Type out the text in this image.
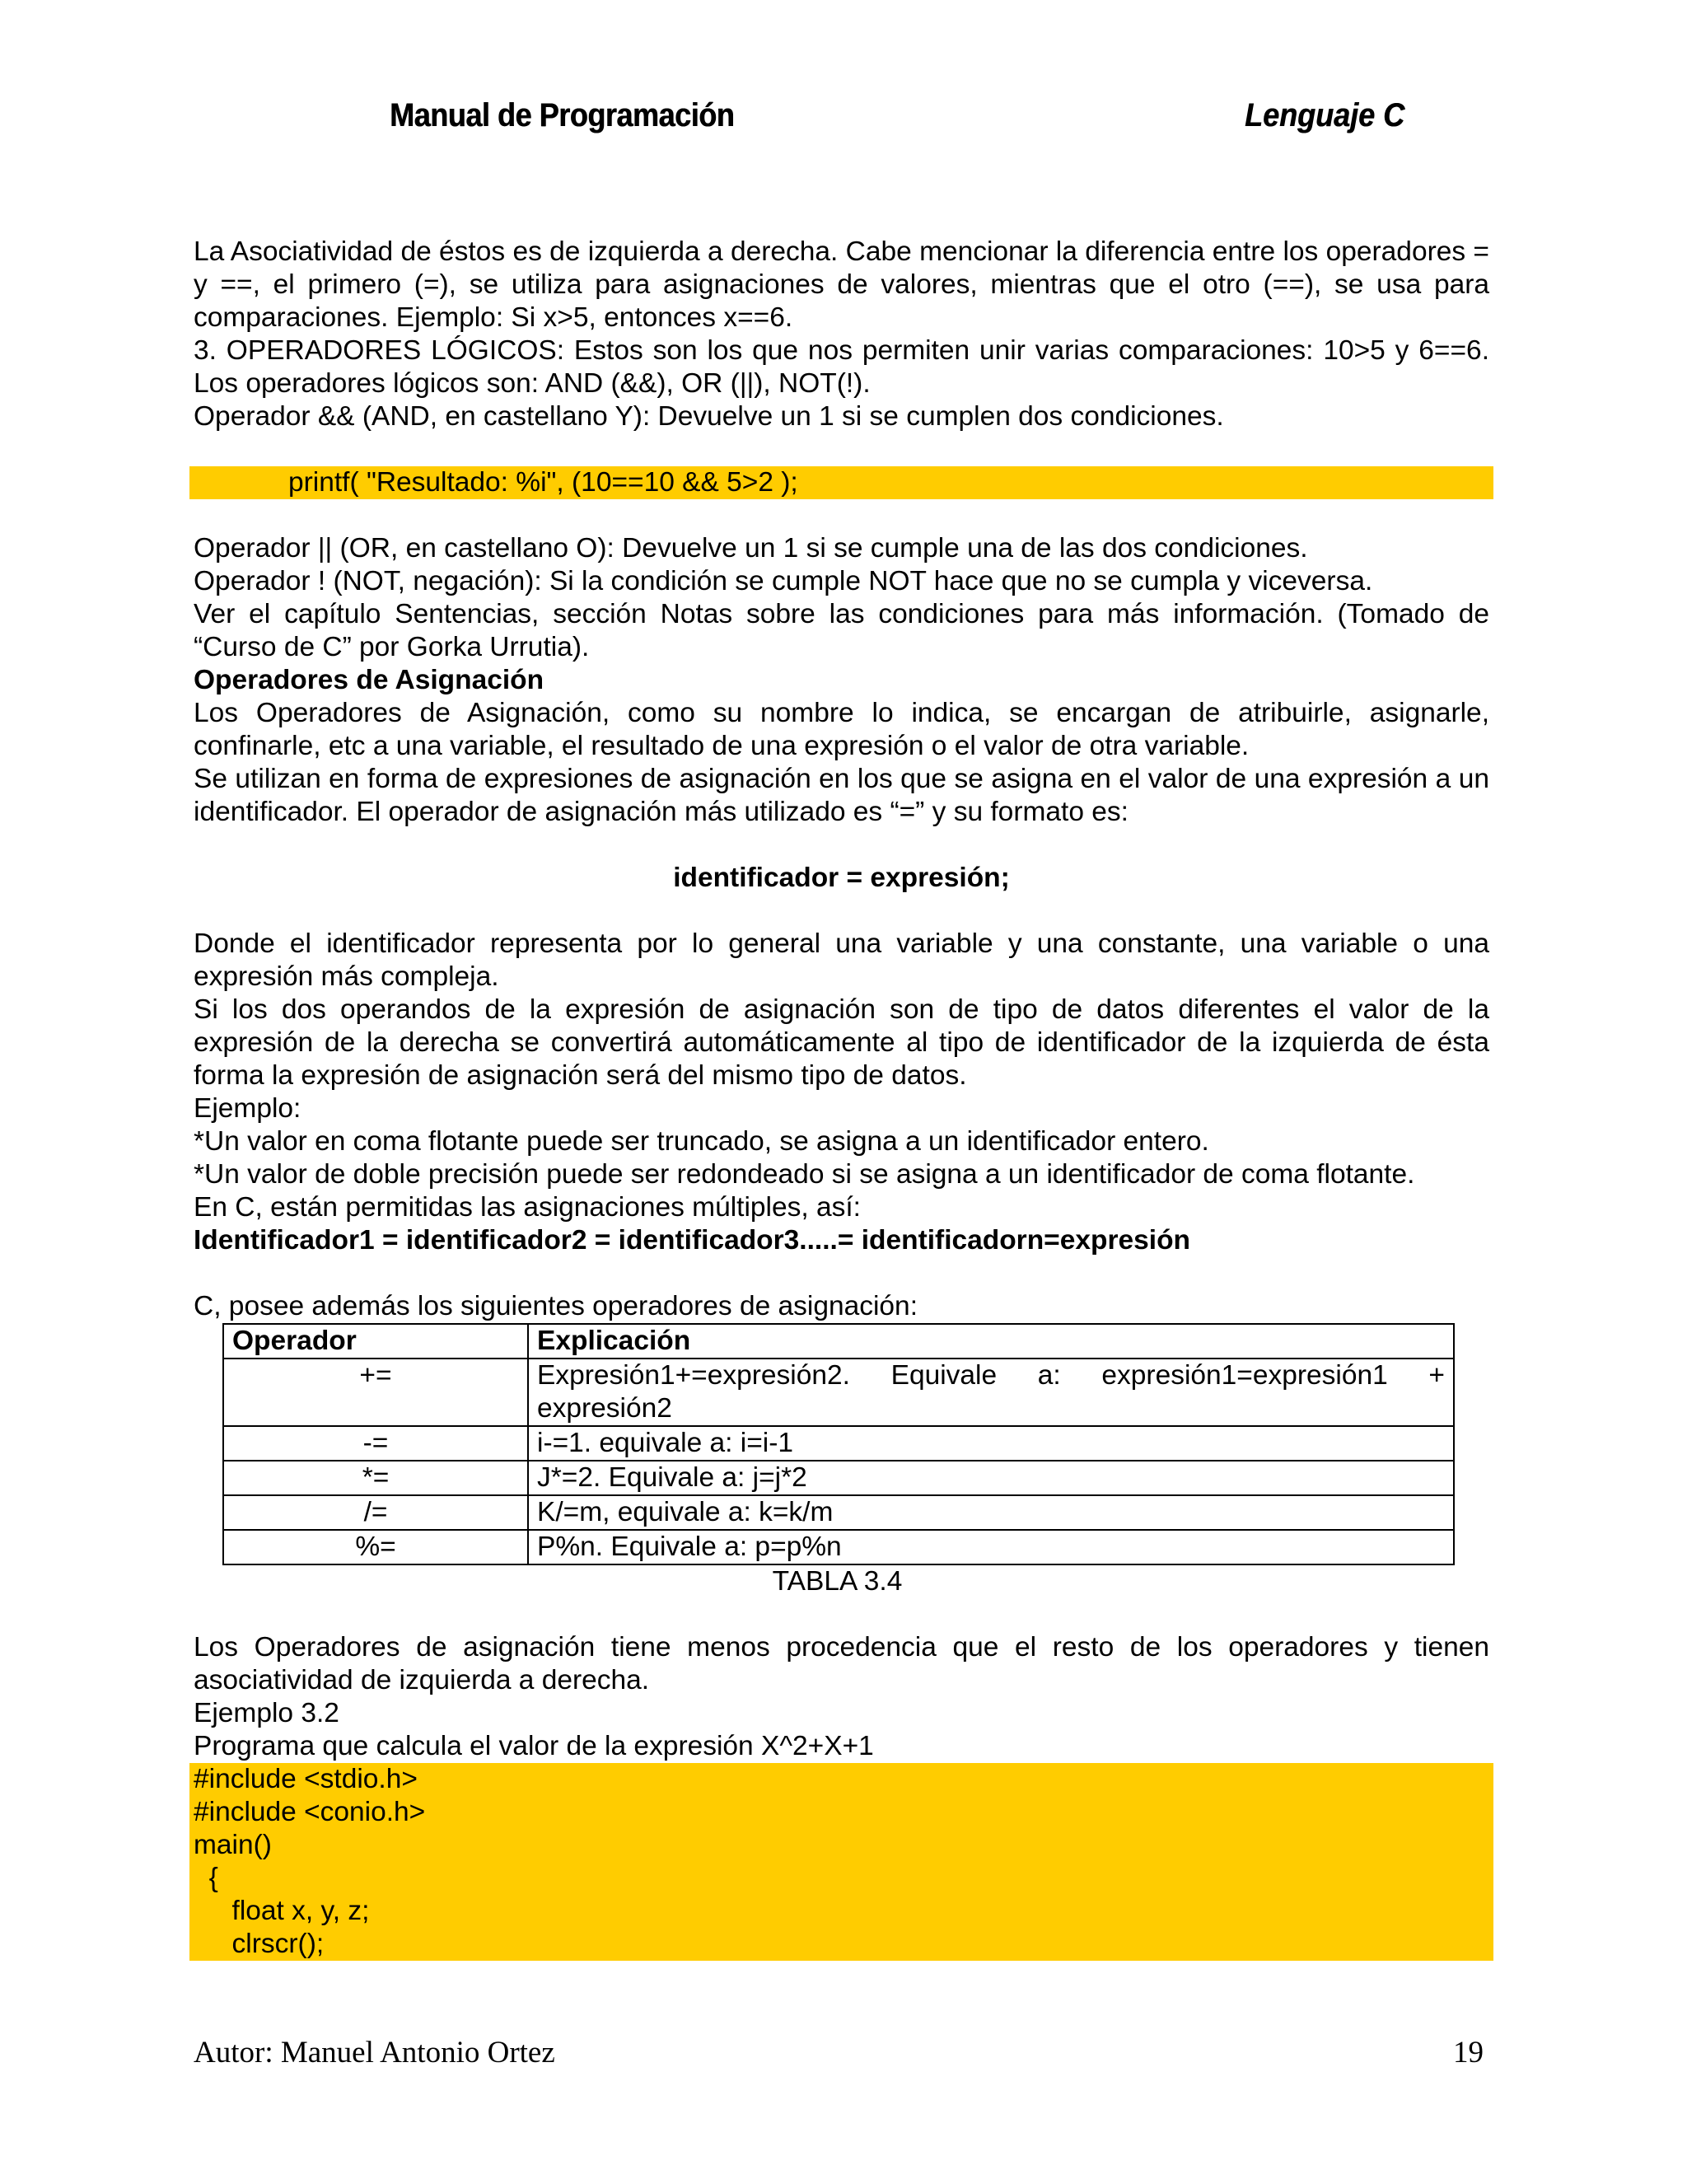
Manual de Programación	Lenguaje C

La Asociatividad de éstos es de izquierda a derecha. Cabe mencionar la diferencia entre los operadores = y ==, el primero (=), se utiliza para asignaciones de valores, mientras que el otro (==), se usa para comparaciones. Ejemplo: Si x>5, entonces x==6.

3. OPERADORES LÓGICOS: Estos son los que nos permiten unir varias comparaciones: 10>5 y 6==6. Los operadores lógicos son: AND (&&), OR (||), NOT(!).

Operador && (AND, en castellano Y): Devuelve un 1 si se cumplen dos condiciones.

printf( "Resultado: %i", (10==10 && 5>2 );

Operador || (OR, en castellano O): Devuelve un 1 si se cumple una de las dos condiciones.

Operador ! (NOT, negación): Si la condición se cumple NOT hace que no se cumpla y viceversa.

Ver el capítulo Sentencias, sección Notas sobre las condiciones para más información. (Tomado de “Curso de C” por Gorka Urrutia).

Operadores de Asignación

Los Operadores de Asignación, como su nombre lo indica, se encargan de atribuirle, asignarle, confinarle, etc a una variable, el resultado de una expresión o el valor de otra variable.

Se utilizan en forma de expresiones de asignación en los que se asigna en el valor de una expresión a un identificador. El operador de asignación más utilizado es “=” y su formato es:

identificador = expresión;

Donde el identificador representa por lo general una variable y una constante, una variable o una expresión más compleja.

Si los dos operandos de la expresión de asignación son de tipo de datos diferentes el valor de la expresión de la derecha se convertirá automáticamente al tipo de identificador de la izquierda de ésta forma la expresión de asignación será del mismo tipo de datos.

Ejemplo:

*Un valor en coma flotante puede ser truncado, se asigna a un identificador entero.

*Un valor de doble precisión puede ser redondeado si se asigna a un identificador de coma flotante.

En C, están permitidas las asignaciones múltiples, así:

Identificador1 = identificador2 = identificador3.....= identificadorn=expresión

C, posee además los siguientes operadores de asignación:

Operador	Explicación
+=	Expresión1+=expresión2. Equivale a: expresión1=expresión1 +
expresión2

-=	i-=1. equivale a: i=i-1
*=	J*=2. Equivale a: j=j*2
/=	K/=m, equivale a: k=k/m
%=	P%n. Equivale a: p=p%n

TABLA 3.4

Los Operadores de asignación tiene menos procedencia que el resto de los operadores y tienen asociatividad de izquierda a derecha.

Ejemplo 3.2

Programa que calcula el valor de la expresión X^2+X+1

#include <stdio.h>
#include <conio.h>
main()
{
float x, y, z;
clrscr();
Autor: Manuel Antonio Ortez	19
